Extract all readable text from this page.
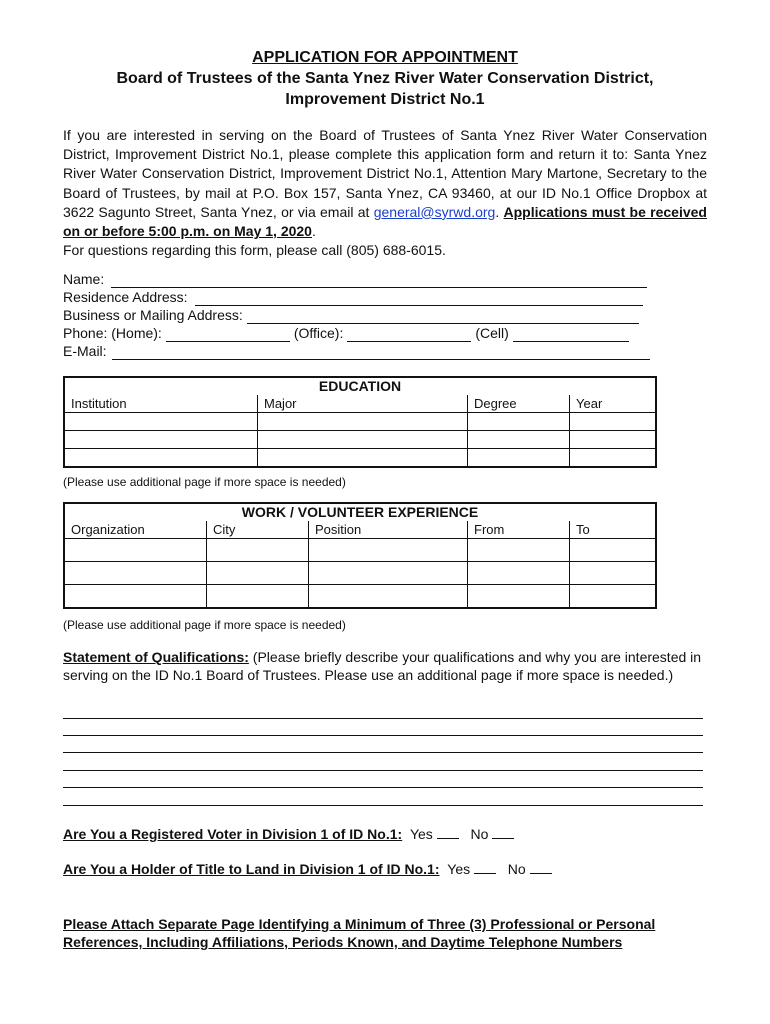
APPLICATION FOR APPOINTMENT
Board of Trustees of the Santa Ynez River Water Conservation District,
Improvement District No.1
If you are interested in serving on the Board of Trustees of Santa Ynez River Water Conservation District, Improvement District No.1, please complete this application form and return it to: Santa Ynez River Water Conservation District, Improvement District No.1, Attention Mary Martone, Secretary to the Board of Trustees, by mail at P.O. Box 157, Santa Ynez, CA 93460, at our ID No.1 Office Dropbox at 3622 Sagunto Street, Santa Ynez, or via email at general@syrwd.org. Applications must be received on or before 5:00 p.m. on May 1, 2020.
For questions regarding this form, please call (805) 688-6015.
Name:
Residence Address:
Business or Mailing Address:
Phone: (Home):	(Office):	(Cell)
E-Mail:
EDUCATION			
Institution	Major	Degree	Year

(Please use additional page if more space is needed)
WORK / VOLUNTEER EXPERIENCE				
Organization	City	Position	From	To

(Please use additional page if more space is needed)
Statement of Qualifications: (Please briefly describe your qualifications and why you are interested in serving on the ID No.1 Board of Trustees. Please use an additional page if more space is needed.)
Are You a Registered Voter in Division 1 of ID No.1: Yes	No
Are You a Holder of Title to Land in Division 1 of ID No.1: Yes	No
Please Attach Separate Page Identifying a Minimum of Three (3) Professional or Personal
References, Including Affiliations, Periods Known, and Daytime Telephone Numbers
